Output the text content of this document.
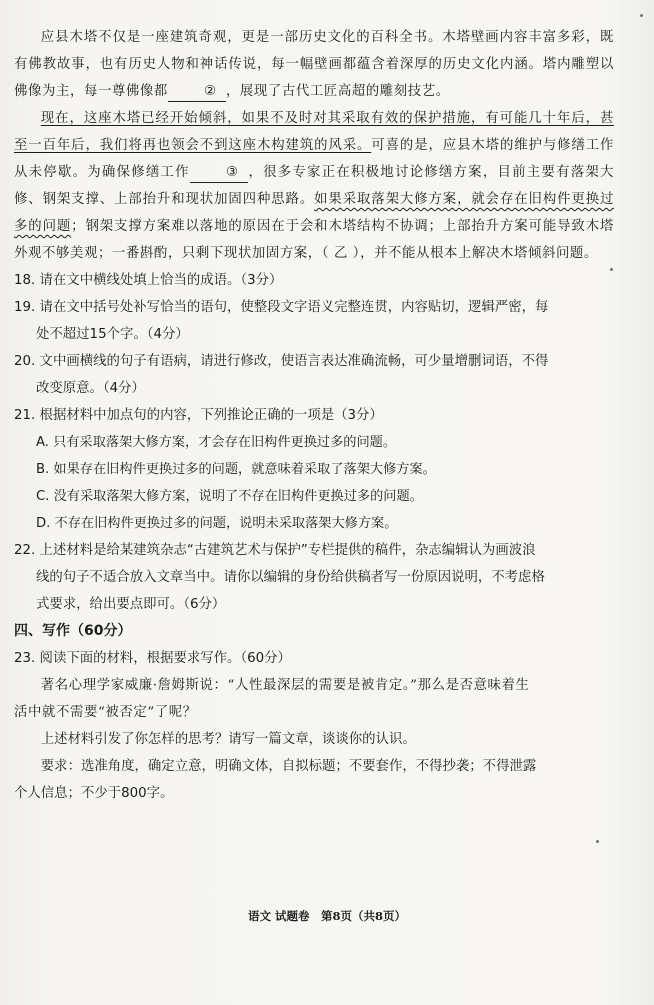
应县木塔不仅是一座建筑奇观，更是一部历史文化的百科全书。木塔壁画内容丰富多彩，既有佛教故事，也有历史人物和神话传说，每一幅壁画都蕴含着深厚的历史文化内涵。塔内雕塑以佛像为主，每一尊佛像都	② ，展现了古代工匠高超的雕刻技艺。

现在，这座木塔已经开始倾斜，如果不及时对其采取有效的保护措施，有可能几十年后，甚至一百年后，我们将再也领会不到这座木构建筑的风采。可喜的是，应县木塔的维护与修缮工作从未停歇。为确保修缮工作	③ ，很多专家正在积极地讨论修缮方案，目前主要有落架大修、钢架支撑、上部抬升和现状加固四种思路。如果采取落架大修方案，就会存在旧构件更换过多的问题；钢架支撑方案难以落地的原因在于会和木塔结构不协调；上部抬升方案可能导致木塔外观不够美观；一番斟酌，只剩下现状加固方案，（ 乙 ），并不能从根本上解决木塔倾斜问题。

18. 请在文中横线处填上恰当的成语。（3分）

19. 请在文中括号处补写恰当的语句，使整段文字语义完整连贯，内容贴切，逻辑严密，每

处不超过15个字。（4分）

20. 文中画横线的句子有语病，请进行修改，使语言表达准确流畅，可少量增删词语，不得

改变原意。（4分）

21. 根据材料中加点句的内容，下列推论正确的一项是（3分）

A. 只有采取落架大修方案，才会存在旧构件更换过多的问题。

B. 如果存在旧构件更换过多的问题，就意味着采取了落架大修方案。

C. 没有采取落架大修方案，说明了不存在旧构件更换过多的问题。

D. 不存在旧构件更换过多的问题，说明未采取落架大修方案。

22. 上述材料是给某建筑杂志“古建筑艺术与保护”专栏提供的稿件，杂志编辑认为画波浪

线的句子不适合放入文章当中。请你以编辑的身份给供稿者写一份原因说明，不考虑格

式要求，给出要点即可。（6分）

四、写作（60分）

23. 阅读下面的材料，根据要求写作。（60分）

著名心理学家威廉·詹姆斯说：“人性最深层的需要是被肯定。”那么是否意味着生

活中就不需要“被否定”了呢？

上述材料引发了你怎样的思考？请写一篇文章，谈谈你的认识。

要求：选准角度，确定立意，明确文体，自拟标题；不要套作，不得抄袭；不得泄露

个人信息；不少于800字。

语文 试题卷　第8页（共8页）
